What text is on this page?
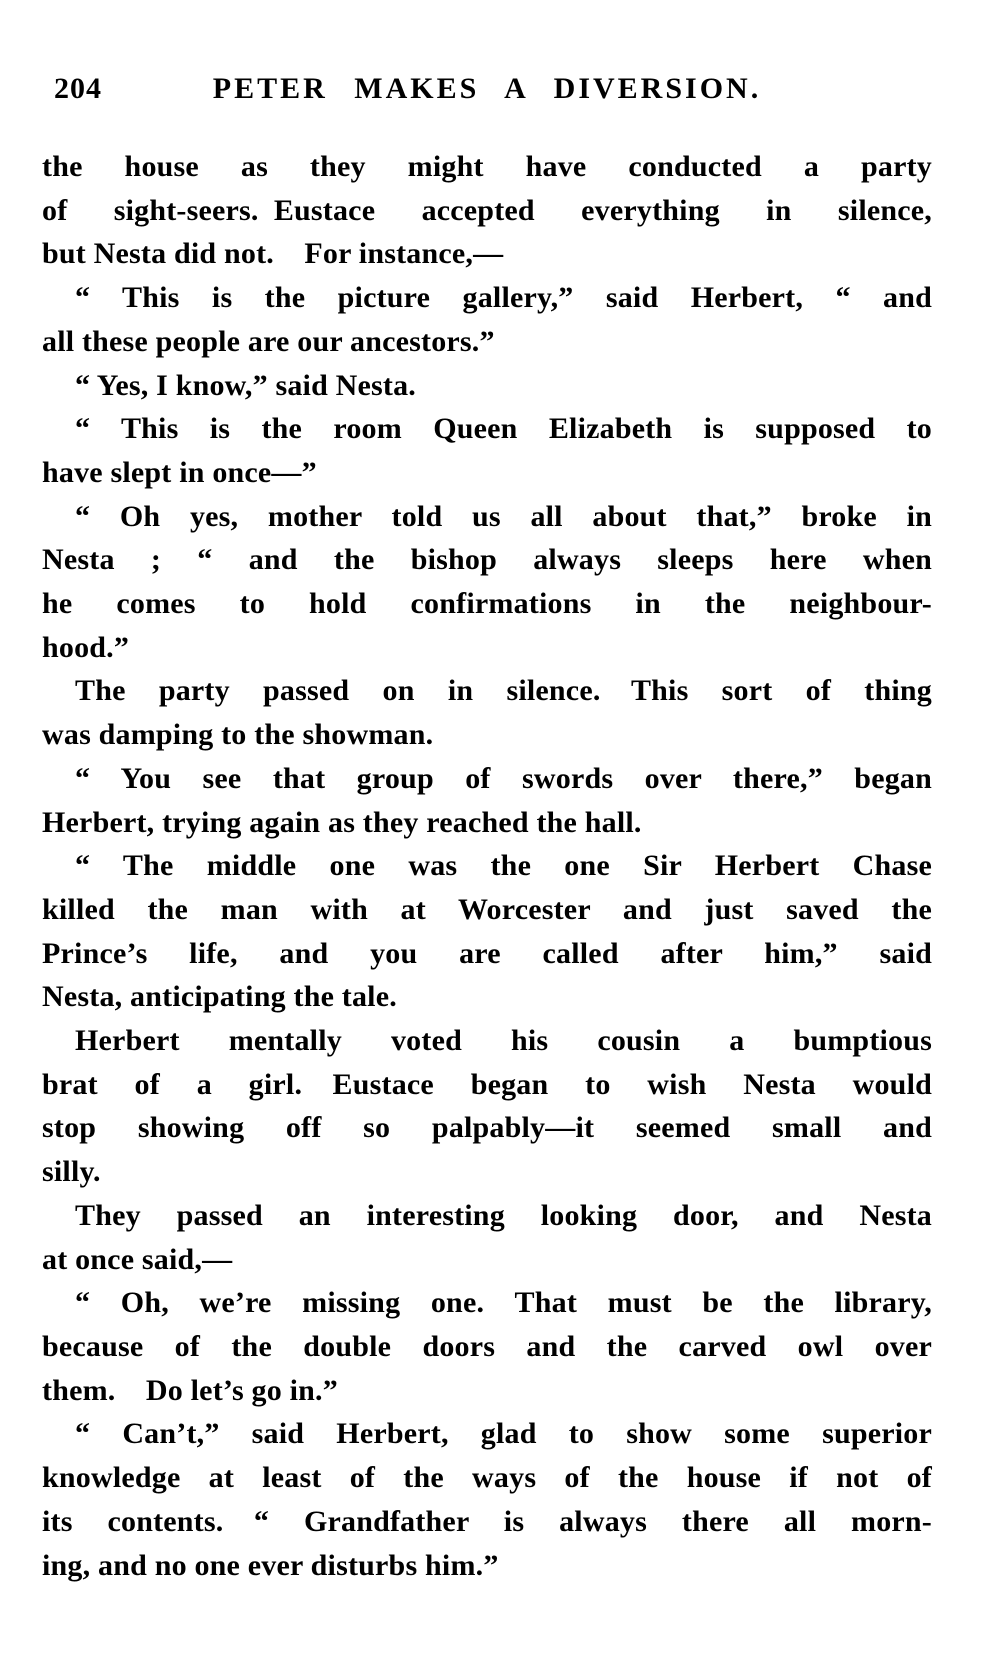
204	PETER MAKES A DIVERSION.
the house as they might have conducted a party
of sight-seers. Eustace accepted everything in silence,
but Nesta did not.  For instance,—
“ This is the picture gallery,” said Herbert, “ and
all these people are our ancestors.”
“ Yes, I know,” said Nesta.
“ This is the room Queen Elizabeth is supposed to
have slept in once—”
“ Oh yes, mother told us all about that,” broke in
Nesta ; “ and the bishop always sleeps here when
he comes to hold confirmations in the neighbour-
hood.”
The party passed on in silence.  This sort of thing
was damping to the showman.
“ You see that group of swords over there,” began
Herbert, trying again as they reached the hall.
“ The middle one was the one Sir Herbert Chase
killed the man with at Worcester and just saved the
Prince’s life, and you are called after him,” said
Nesta, anticipating the tale.
Herbert mentally voted his cousin a bumptious
brat of a girl.  Eustace began to wish Nesta would
stop showing off so palpably—it seemed small and
silly.
They passed an interesting looking door, and Nesta
at once said,—
“ Oh, we’re missing one.  That must be the library,
because of the double doors and the carved owl over
them.  Do let’s go in.”
“ Can’t,” said Herbert, glad to show some superior
knowledge at least of the ways of the house if not of
its contents.  “ Grandfather is always there all morn-
ing, and no one ever disturbs him.”
